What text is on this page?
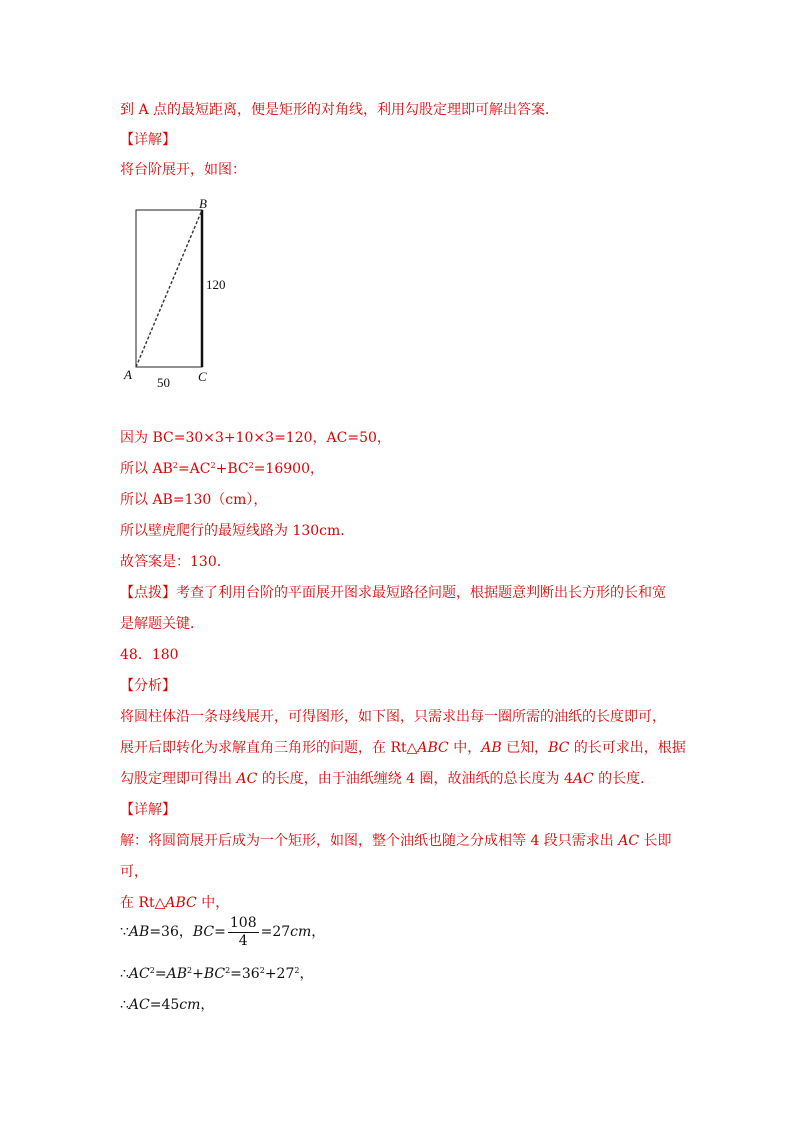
到 A 点的最短距离，便是矩形的对角线，利用勾股定理即可解出答案．
【详解】
将台阶展开，如图：
B
120
A	C
50
因为 BC=30×3+10×3=120，AC=50，
所以 $AB^2=AC^2+BC^2=16900$，
所以 AB=130（cm），
所以壁虎爬行的最短线路为 130cm.
故答案是：130．
【点拨】考查了利用台阶的平面展开图求最短路径问题，根据题意判断出长方形的长和宽
是解题关键．
48．180
【分析】
将圆柱体沿一条母线展开，可得图形，如下图，只需求出每一圈所需的油纸的长度即可，
展开后即转化为求解直角三角形的问题，在 Rt△ABC 中，AB 已知，BC 的长可求出，根据
勾股定理即可得出 AC 的长度，由于油纸缠绕 4 圈，故油纸的总长度为 4AC 的长度．
【详解】
解：将圆筒展开后成为一个矩形，如图，整个油纸也随之分成相等 4 段只需求出 AC 长即
可，
在 Rt△ABC 中，
∵AB=36，$BC= \frac{108}{4} =27cm$，
$\therefore AC^2=AB^2+BC^2=36^2+27^2$，
∴AC=45cm，
